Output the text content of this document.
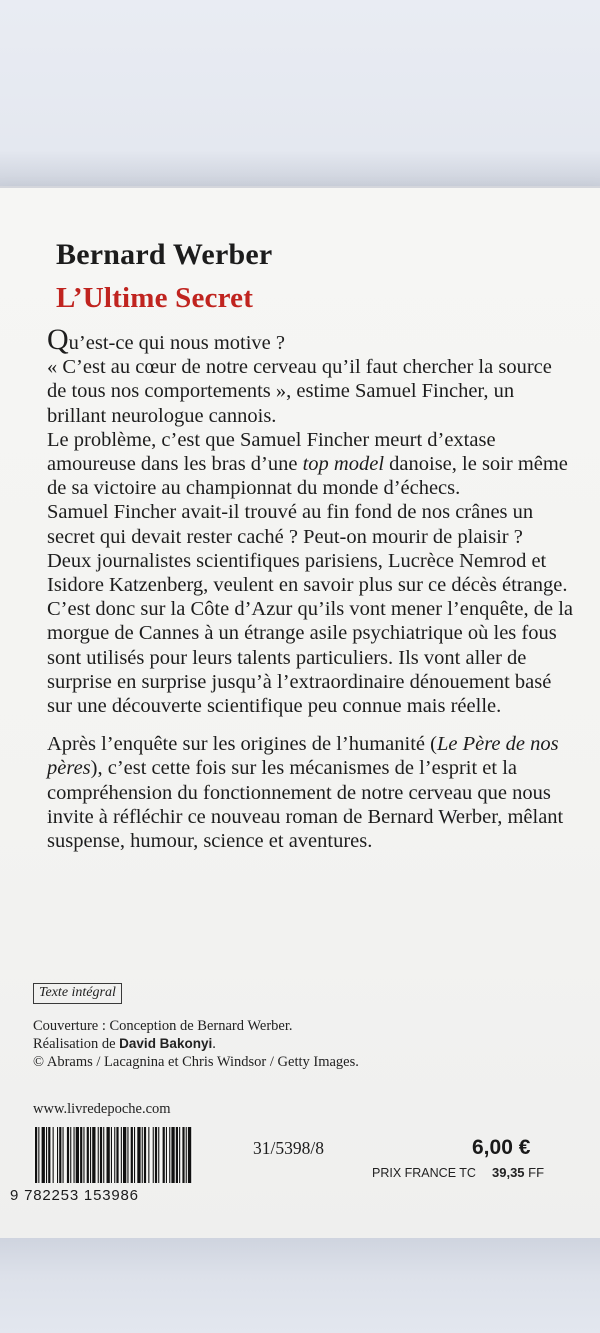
Bernard Werber
L’Ultime Secret

Qu’est-ce qui nous motive ?

« C’est au cœur de notre cerveau qu’il faut chercher la source de tous nos comportements », estime Samuel Fincher, un brillant neurologue cannois.

Le problème, c’est que Samuel Fincher meurt d’extase amoureuse dans les bras d’une top model danoise, le soir même de sa victoire au championnat du monde d’échecs.

Samuel Fincher avait-il trouvé au fin fond de nos crânes un secret qui devait rester caché ? Peut-on mourir de plaisir ?

Deux journalistes scientifiques parisiens, Lucrèce Nemrod et Isidore Katzenberg, veulent en savoir plus sur ce décès étrange. C’est donc sur la Côte d’Azur qu’ils vont mener l’enquête, de la morgue de Cannes à un étrange asile psychiatrique où les fous sont utilisés pour leurs talents particuliers. Ils vont aller de surprise en surprise jusqu’à l’extraordinaire dénouement basé sur une découverte scientifique peu connue mais réelle.

Après l’enquête sur les origines de l’humanité (Le Père de nos pères), c’est cette fois sur les mécanismes de l’esprit et la compréhension du fonctionnement de notre cerveau que nous invite à réfléchir ce nouveau roman de Bernard Werber, mêlant suspense, humour, science et aventures.

Texte intégral
Couverture : Conception de Bernard Werber.
Réalisation de David Bakonyi.
© Abrams / Lacagnina et Chris Windsor / Getty Images.
www.livredepoche.com
9 782253 153986
31/5398/8	6,00 €
PRIX FRANCE TC 39,35 FF
